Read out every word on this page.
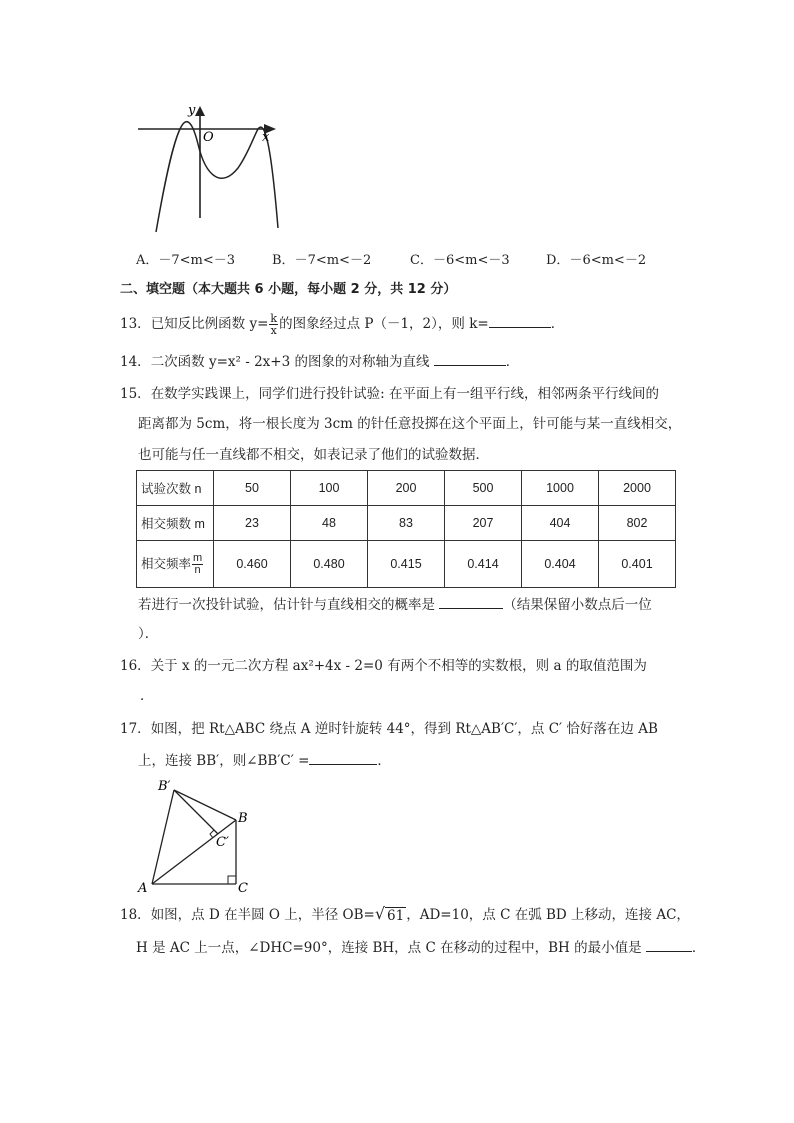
y
O	x
A．－7<m<－3	B．－7<m<－2	C．－6<m<－3	D．－6<m<－2
二、填空题（本大题共 6 小题，每小题 2 分，共 12 分）
13．已知反比例函数 $y= \frac{k}{x}$ 的图象经过点 P（－1，2），则 k=	．
14．二次函数 y=x² - 2x+3 的图象的对称轴为直线	．
15．在数学实践课上，同学们进行投针试验: 在平面上有一组平行线，相邻两条平行线间的
距离都为 5cm，将一根长度为 3cm 的针任意投掷在这个平面上，针可能与某一直线相交，
也可能与任一直线都不相交，如表记录了他们的试验数据．
试验次数 n	50	100	200	500	1000	2000
相交频数 m	23	48	83	207	404	802
相交频率 $\frac{m}{n}$	0.460	0.480	0.415	0.414	0.404	0.401
若进行一次投针试验，估计针与直线相交的概率是	（结果保留小数点后一位
）．
16．关于 x 的一元二次方程 ax²+4x - 2=0 有两个不相等的实数根，则 a 的取值范围为
．
17．如图，把 Rt△ABC 绕点 A 逆时针旋转 44°，得到 Rt△AB′C′，点 C′ 恰好落在边 AB
上，连接 BB′，则∠BB′C′ =	．
B′
B
C′
A	C
18．如图，点 D 在半圆 O 上，半径 OB= √ 61 ，AD=10，点 C 在弧 BD 上移动，连接 AC，
H 是 AC 上一点，∠DHC=90°，连接 BH，点 C 在移动的过程中，BH 的最小值是	．
